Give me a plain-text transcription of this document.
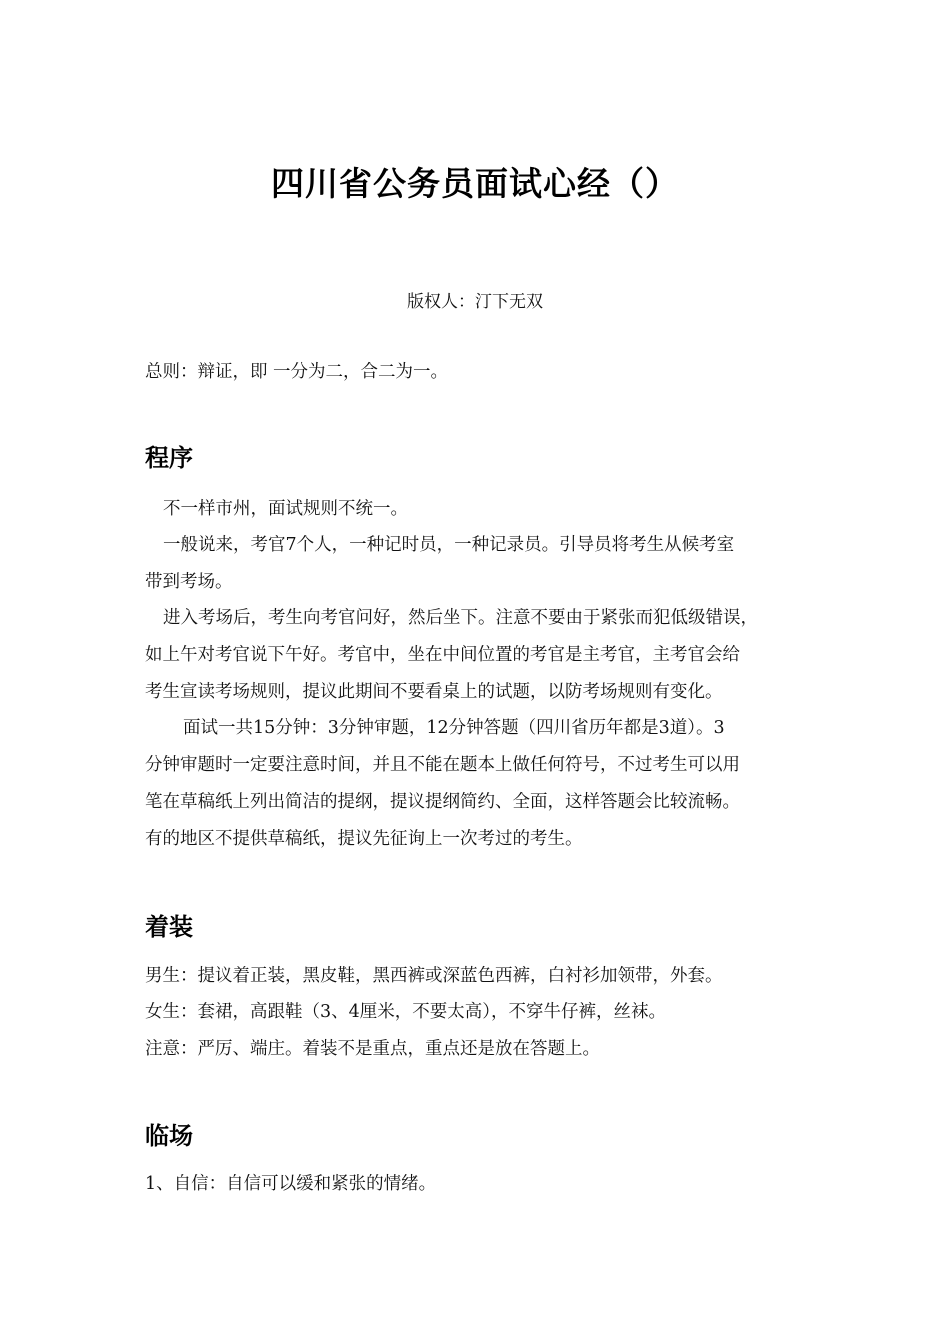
四川省公务员面试心经（）
版权人：汀下无双
总则：辩证，即 一分为二，合二为一。
程序
不一样市州，面试规则不统一。
一般说来，考官7个人，一种记时员，一种记录员。引导员将考生从候考室
带到考场。
进入考场后，考生向考官问好，然后坐下。注意不要由于紧张而犯低级错误，
如上午对考官说下午好。考官中，坐在中间位置的考官是主考官，主考官会给
考生宣读考场规则，提议此期间不要看桌上的试题，以防考场规则有变化。
面试一共15分钟：3分钟审题，12分钟答题（四川省历年都是3道）。3
分钟审题时一定要注意时间，并且不能在题本上做任何符号，不过考生可以用
笔在草稿纸上列出简洁的提纲，提议提纲简约、全面，这样答题会比较流畅。
有的地区不提供草稿纸，提议先征询上一次考过的考生。
着装
男生：提议着正装，黑皮鞋，黑西裤或深蓝色西裤，白衬衫加领带，外套。
女生：套裙，高跟鞋（3、4厘米，不要太高），不穿牛仔裤，丝袜。
注意：严厉、端庄。着装不是重点，重点还是放在答题上。
临场
1、自信：自信可以缓和紧张的情绪。
